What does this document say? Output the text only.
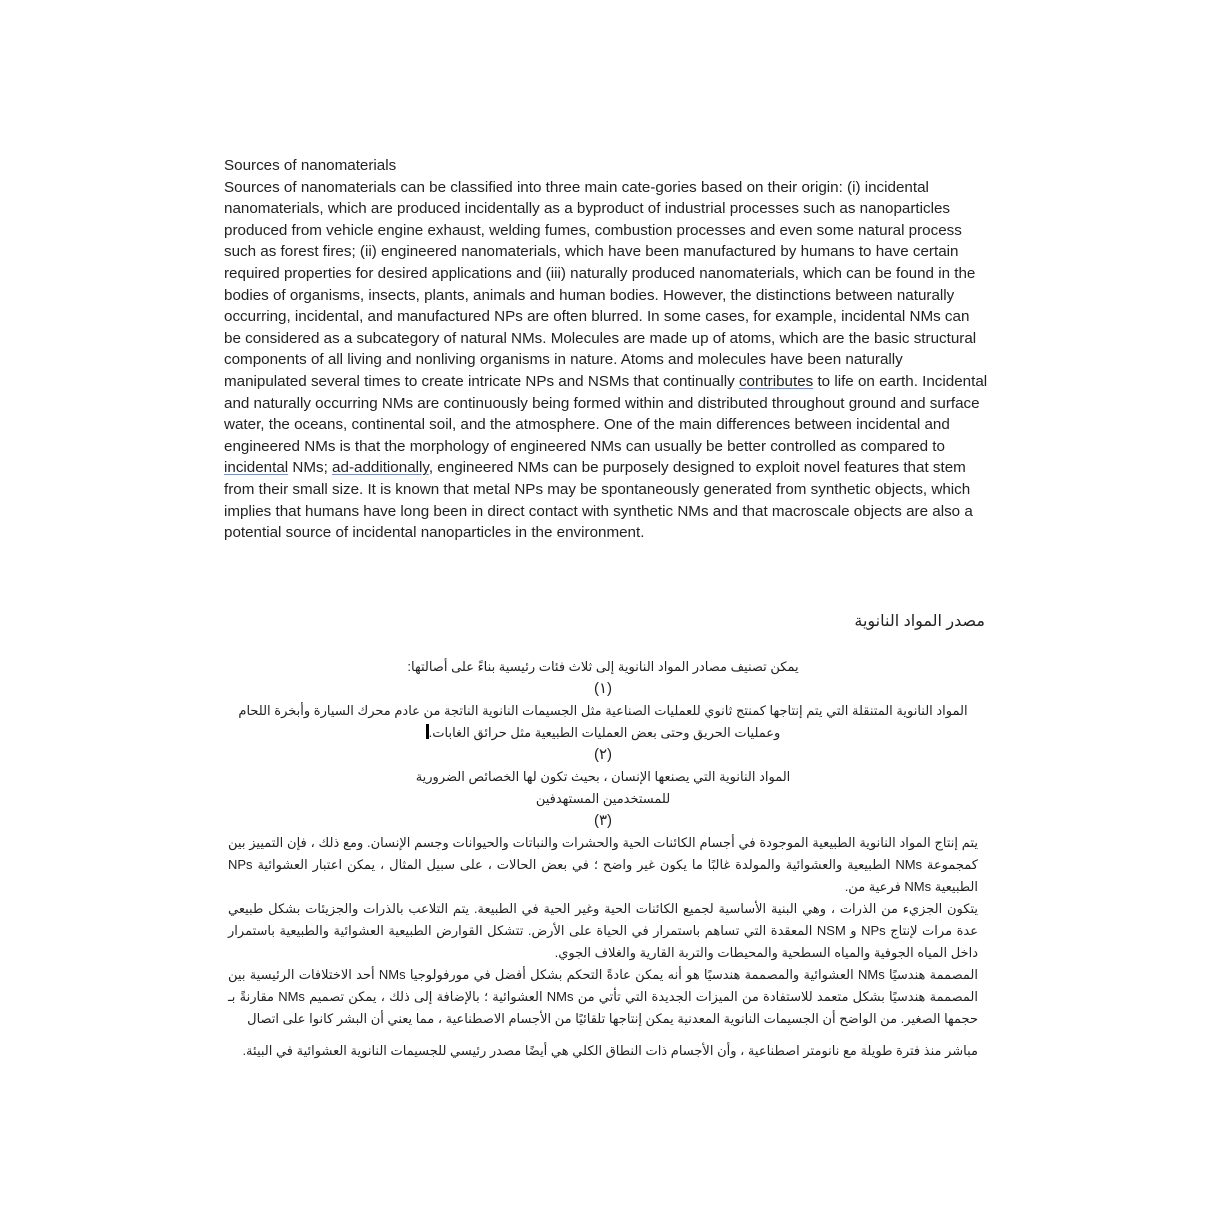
Sources of nanomaterials

Sources of nanomaterials can be classified into three main cate-gories based on their origin: (i) incidental nanomaterials, which are produced incidentally as a byproduct of industrial processes such as nanoparticles produced from vehicle engine exhaust, welding fumes, combustion processes and even some natural process such as forest fires; (ii) engineered nanomaterials, which have been manufactured by humans to have certain required properties for desired applications and (iii) naturally produced nanomaterials, which can be found in the bodies of organisms, insects, plants, animals and human bodies. However, the distinctions between naturally occurring, incidental, and manufactured NPs are often blurred. In some cases, for example, incidental NMs can be considered as a subcategory of natural NMs. Molecules are made up of atoms, which are the basic structural components of all living and nonliving organisms in nature. Atoms and molecules have been naturally manipulated several times to create intricate NPs and NSMs that continually contributes to life on earth. Incidental and naturally occurring NMs are continuously being formed within and distributed throughout ground and surface water, the oceans, continental soil, and the atmosphere. One of the main differences between incidental and engineered NMs is that the morphology of engineered NMs can usually be better controlled as compared to incidental NMs; ad-additionally, engineered NMs can be purposely designed to exploit novel features that stem from their small size. It is known that metal NPs may be spontaneously generated from synthetic objects, which implies that humans have long been in direct contact with synthetic NMs and that macroscale objects are also a potential source of incidental nanoparticles in the environment.

مصدر المواد النانوية

يمكن تصنيف مصادر المواد النانوية إلى ثلاث فئات رئيسية بناءً على أصالتها:

(١)

المواد النانوية المتنقلة التي يتم إنتاجها كمنتج ثانوي للعمليات الصناعية مثل الجسيمات النانوية الناتجة من عادم محرك السيارة وأبخرة اللحام

وعمليات الحريق وحتى بعض العمليات الطبيعية مثل حرائق الغابات.

(٢)

المواد النانوية التي يصنعها الإنسان ، بحيث تكون لها الخصائص الضرورية

للمستخدمين المستهدفين

(٣)

يتم إنتاج المواد النانوية الطبيعية الموجودة في أجسام الكائنات الحية والحشرات والنباتات والحيوانات وجسم الإنسان. ومع ذلك ، فإن التمييز بين كمجموعة NMs الطبيعية والعشوائية والمولدة غالبًا ما يكون غير واضح ؛ في بعض الحالات ، على سبيل المثال ، يمكن اعتبار العشوائية NPs الطبيعية NMs فرعية من.

يتكون الجزيء من الذرات ، وهي البنية الأساسية لجميع الكائنات الحية وغير الحية في الطبيعة. يتم التلاعب بالذرات والجزيئات بشكل طبيعي عدة مرات لإنتاج NPs و NSM المعقدة التي تساهم باستمرار في الحياة على الأرض. تتشكل القوارض الطبيعية العشوائية والطبيعية باستمرار داخل المياه الجوفية والمياه السطحية والمحيطات والتربة القارية والغلاف الجوي.

المصممة هندسيًا NMs العشوائية والمصممة هندسيًا هو أنه يمكن عادةً التحكم بشكل أفضل في مورفولوجيا NMs أحد الاختلافات الرئيسية بين المصممة هندسيًا بشكل متعمد للاستفادة من الميزات الجديدة التي تأتي من NMs العشوائية ؛ بالإضافة إلى ذلك ، يمكن تصميم NMs مقارنةً بـ حجمها الصغير. من الواضح أن الجسيمات النانوية المعدنية يمكن إنتاجها تلقائيًا من الأجسام الاصطناعية ، مما يعني أن البشر كانوا على اتصال

مباشر منذ فترة طويلة مع نانومتر اصطناعية ، وأن الأجسام ذات النطاق الكلي هي أيضًا مصدر رئيسي للجسيمات النانوية العشوائية في البيئة.
